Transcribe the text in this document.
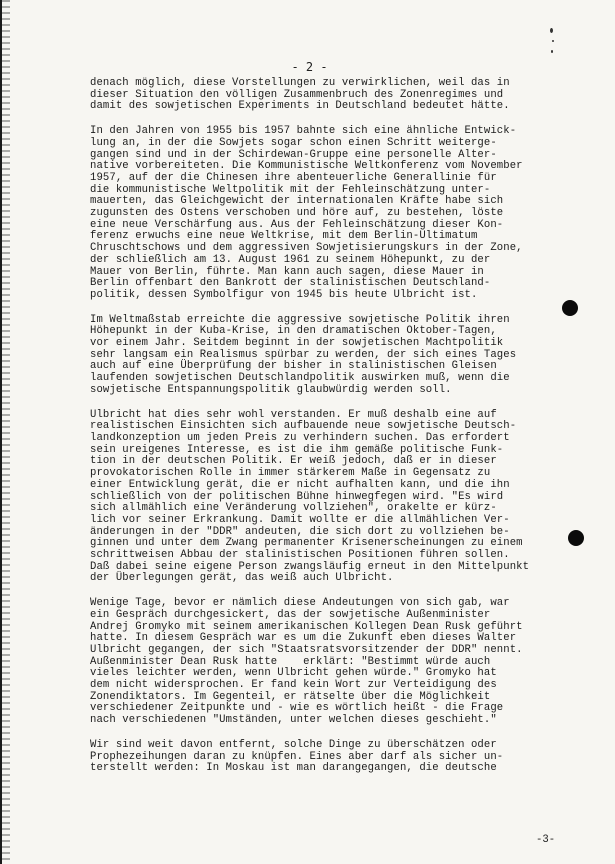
- 2 -
denach möglich, diese Vorstellungen zu verwirklichen, weil das in
dieser Situation den völligen Zusammenbruch des Zonenregimes und
damit des sowjetischen Experiments in Deutschland bedeutet hätte.
In den Jahren von 1955 bis 1957 bahnte sich eine ähnliche Entwick-
lung an, in der die Sowjets sogar schon einen Schritt weiterge-
gangen sind und in der Schirdewan-Gruppe eine personelle Alter-
native vorbereiteten. Die Kommunistische Weltkonferenz vom November
1957, auf der die Chinesen ihre abenteuerliche Generallinie für
die kommunistische Weltpolitik mit der Fehleinschätzung unter-
mauerten, das Gleichgewicht der internationalen Kräfte habe sich
zugunsten des Ostens verschoben und höre auf, zu bestehen, löste
eine neue Verschärfung aus. Aus der Fehleinschätzung dieser Kon-
ferenz erwuchs eine neue Weltkrise, mit dem Berlin-Ultimatum
Chruschtschows und dem aggressiven Sowjetisierungskurs in der Zone,
der schließlich am 13. August 1961 zu seinem Höhepunkt, zu der
Mauer von Berlin, führte. Man kann auch sagen, diese Mauer in
Berlin offenbart den Bankrott der stalinistischen Deutschland-
politik, dessen Symbolfigur von 1945 bis heute Ulbricht ist.
Im Weltmaßstab erreichte die aggressive sowjetische Politik ihren
Höhepunkt in der Kuba-Krise, in den dramatischen Oktober-Tagen,
vor einem Jahr. Seitdem beginnt in der sowjetischen Machtpolitik
sehr langsam ein Realismus spürbar zu werden, der sich eines Tages
auch auf eine Überprüfung der bisher in stalinistischen Gleisen
laufenden sowjetischen Deutschlandpolitik auswirken muß, wenn die
sowjetische Entspannungspolitik glaubwürdig werden soll.
Ulbricht hat dies sehr wohl verstanden. Er muß deshalb eine auf
realistischen Einsichten sich aufbauende neue sowjetische Deutsch-
landkonzeption um jeden Preis zu verhindern suchen. Das erfordert
sein ureigenes Interesse, es ist die ihm gemäße politische Funk-
tion in der deutschen Politik. Er weiß jedoch, daß er in dieser
provokatorischen Rolle in immer stärkerem Maße in Gegensatz zu
einer Entwicklung gerät, die er nicht aufhalten kann, und die ihn
schließlich von der politischen Bühne hinwegfegen wird. "Es wird
sich allmählich eine Veränderung vollziehen", orakelte er kürz-
lich vor seiner Erkrankung. Damit wollte er die allmählichen Ver-
änderungen in der "DDR" andeuten, die sich dort zu vollziehen be-
ginnen und unter dem Zwang permanenter Krisenerscheinungen zu einem
schrittweisen Abbau der stalinistischen Positionen führen sollen.
Daß dabei seine eigene Person zwangsläufig erneut in den Mittelpunkt
der Überlegungen gerät, das weiß auch Ulbricht.
Wenige Tage, bevor er nämlich diese Andeutungen von sich gab, war
ein Gespräch durchgesickert, das der sowjetische Außenminister
Andrej Gromyko mit seinem amerikanischen Kollegen Dean Rusk geführt
hatte. In diesem Gespräch war es um die Zukunft eben dieses Walter
Ulbricht gegangen, der sich "Staatsratsvorsitzender der DDR" nennt.
Außenminister Dean Rusk hatte    erklärt: "Bestimmt würde auch
vieles leichter werden, wenn Ulbricht gehen würde." Gromyko hat
dem nicht widersprochen. Er fand kein Wort zur Verteidigung des
Zonendiktators. Im Gegenteil, er rätselte über die Möglichkeit
verschiedener Zeitpunkte und - wie es wörtlich heißt - die Frage
nach verschiedenen "Umständen, unter welchen dieses geschieht."
Wir sind weit davon entfernt, solche Dinge zu überschätzen oder
Prophezeihungen daran zu knüpfen. Eines aber darf als sicher un-
terstellt werden: In Moskau ist man darangegangen, die deutsche
-3-
